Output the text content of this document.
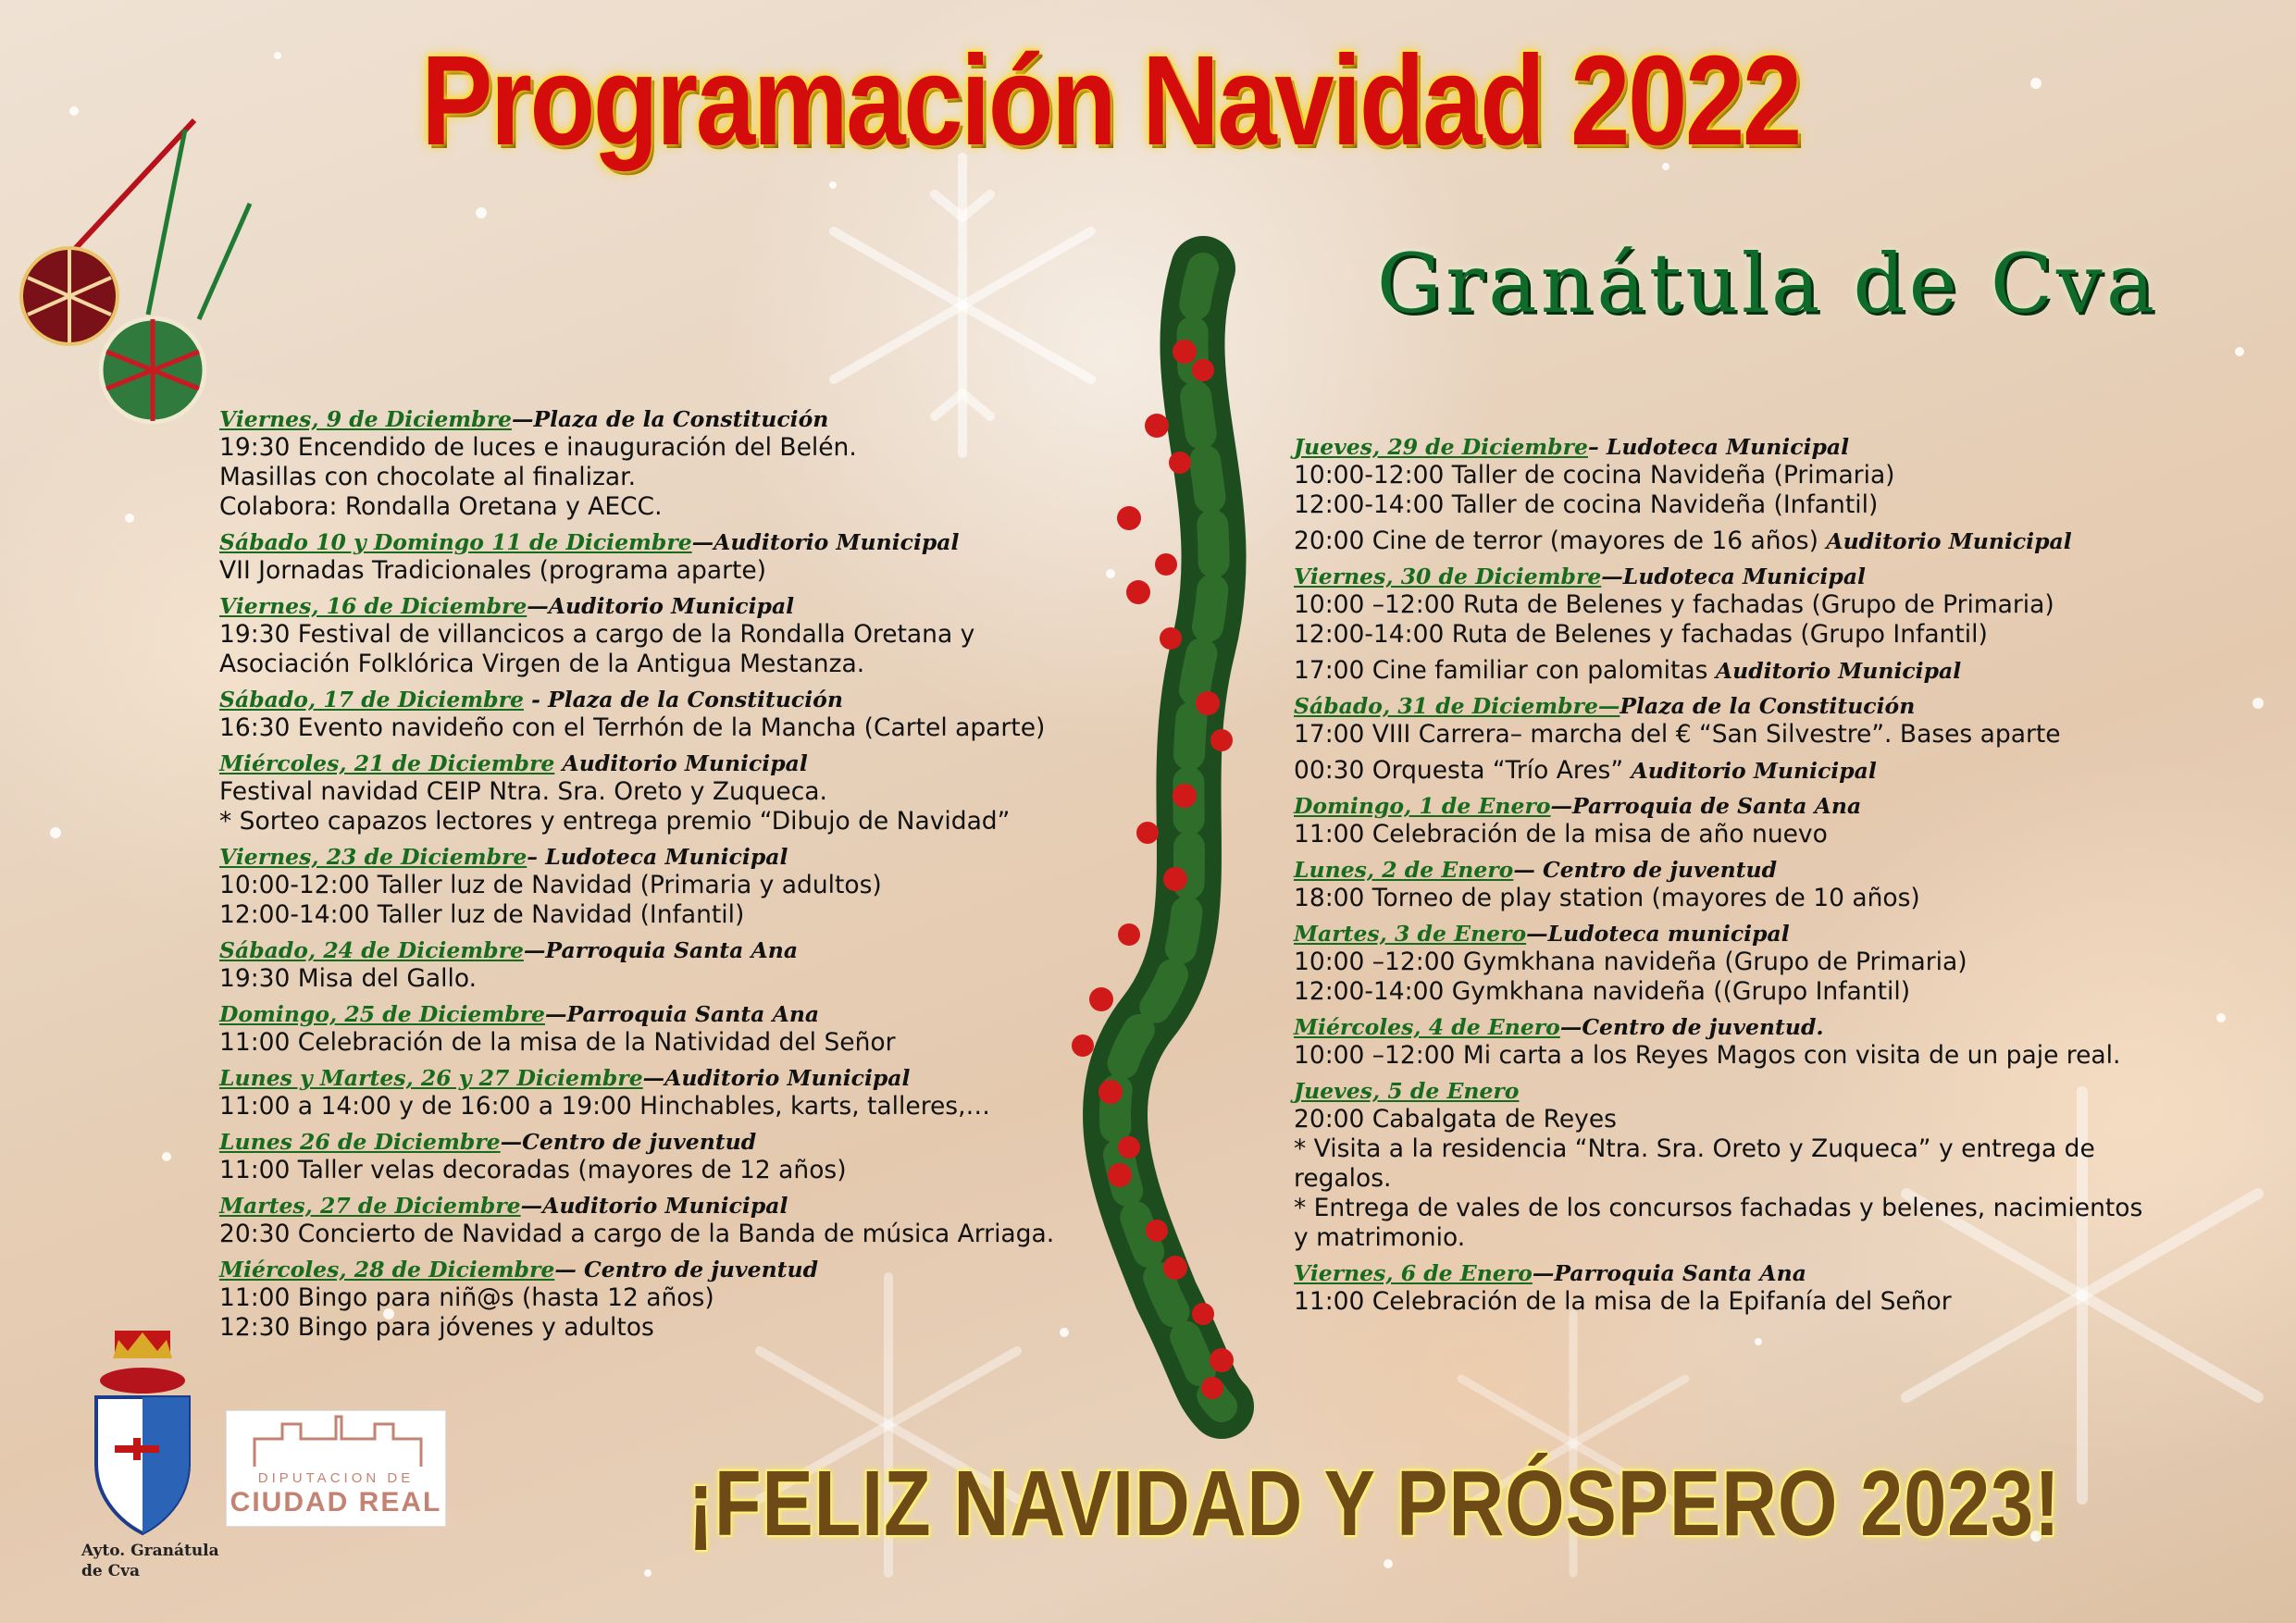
Programación Navidad 2022
Granátula de Cva
Viernes, 9 de Diciembre—Plaza de la Constitución
19:30 Encendido de luces e inauguración del Belén.
Masillas con chocolate al finalizar.
Colabora: Rondalla Oretana y AECC.
Sábado 10 y Domingo 11 de Diciembre—Auditorio Municipal
VII Jornadas Tradicionales (programa aparte)
Viernes, 16 de Diciembre—Auditorio Municipal
19:30 Festival de villancicos a cargo de la Rondalla Oretana y
Asociación Folklórica Virgen de la Antigua Mestanza.
Sábado, 17 de Diciembre - Plaza de la Constitución
16:30 Evento navideño con el Terrhón de la Mancha (Cartel aparte)
Miércoles, 21 de Diciembre Auditorio Municipal
Festival navidad CEIP Ntra. Sra. Oreto y Zuqueca.
* Sorteo capazos lectores y entrega premio “Dibujo de Navidad”
Viernes, 23 de Diciembre– Ludoteca Municipal
10:00-12:00 Taller luz de Navidad (Primaria y adultos)
12:00-14:00 Taller luz de Navidad (Infantil)
Sábado, 24 de Diciembre—Parroquia Santa Ana
19:30 Misa del Gallo.
Domingo, 25 de Diciembre—Parroquia Santa Ana
11:00 Celebración de la misa de la Natividad del Señor
Lunes y Martes, 26 y 27 Diciembre—Auditorio Municipal
11:00 a 14:00 y de 16:00 a 19:00 Hinchables, karts, talleres,…
Lunes 26 de Diciembre—Centro de juventud
11:00 Taller velas decoradas (mayores de 12 años)
Martes, 27 de Diciembre—Auditorio Municipal
20:30 Concierto de Navidad a cargo de la Banda de música Arriaga.
Miércoles, 28 de Diciembre— Centro de juventud
11:00 Bingo para niñ@s (hasta 12 años)
12:30 Bingo para jóvenes y adultos
Jueves, 29 de Diciembre– Ludoteca Municipal
10:00-12:00 Taller de cocina Navideña (Primaria)
12:00-14:00 Taller de cocina Navideña (Infantil)
20:00 Cine de terror (mayores de 16 años) Auditorio Municipal
Viernes, 30 de Diciembre—Ludoteca Municipal
10:00 –12:00 Ruta de Belenes y fachadas (Grupo de Primaria)
12:00-14:00 Ruta de Belenes y fachadas (Grupo Infantil)
17:00 Cine familiar con palomitas Auditorio Municipal
Sábado, 31 de Diciembre—Plaza de la Constitución
17:00 VIII Carrera– marcha del € “San Silvestre”. Bases aparte
00:30 Orquesta “Trío Ares” Auditorio Municipal
Domingo, 1 de Enero—Parroquia de Santa Ana
11:00 Celebración de la misa de año nuevo
Lunes, 2 de Enero— Centro de juventud
18:00 Torneo de play station (mayores de 10 años)
Martes, 3 de Enero—Ludoteca municipal
10:00 –12:00 Gymkhana navideña (Grupo de Primaria)
12:00-14:00 Gymkhana navideña ((Grupo Infantil)
Miércoles, 4 de Enero—Centro de juventud.
10:00 –12:00 Mi carta a los Reyes Magos con visita de un paje real.
Jueves, 5 de Enero
20:00 Cabalgata de Reyes
* Visita a la residencia “Ntra. Sra. Oreto y Zuqueca” y entrega de
regalos.
* Entrega de vales de los concursos fachadas y belenes, nacimientos
y matrimonio.
Viernes, 6 de Enero—Parroquia Santa Ana
11:00 Celebración de la misa de la Epifanía del Señor
Ayto. Granátula
de Cva
DIPUTACION DE
CIUDAD REAL	¡FELIZ NAVIDAD Y PRÓSPERO 2023!
